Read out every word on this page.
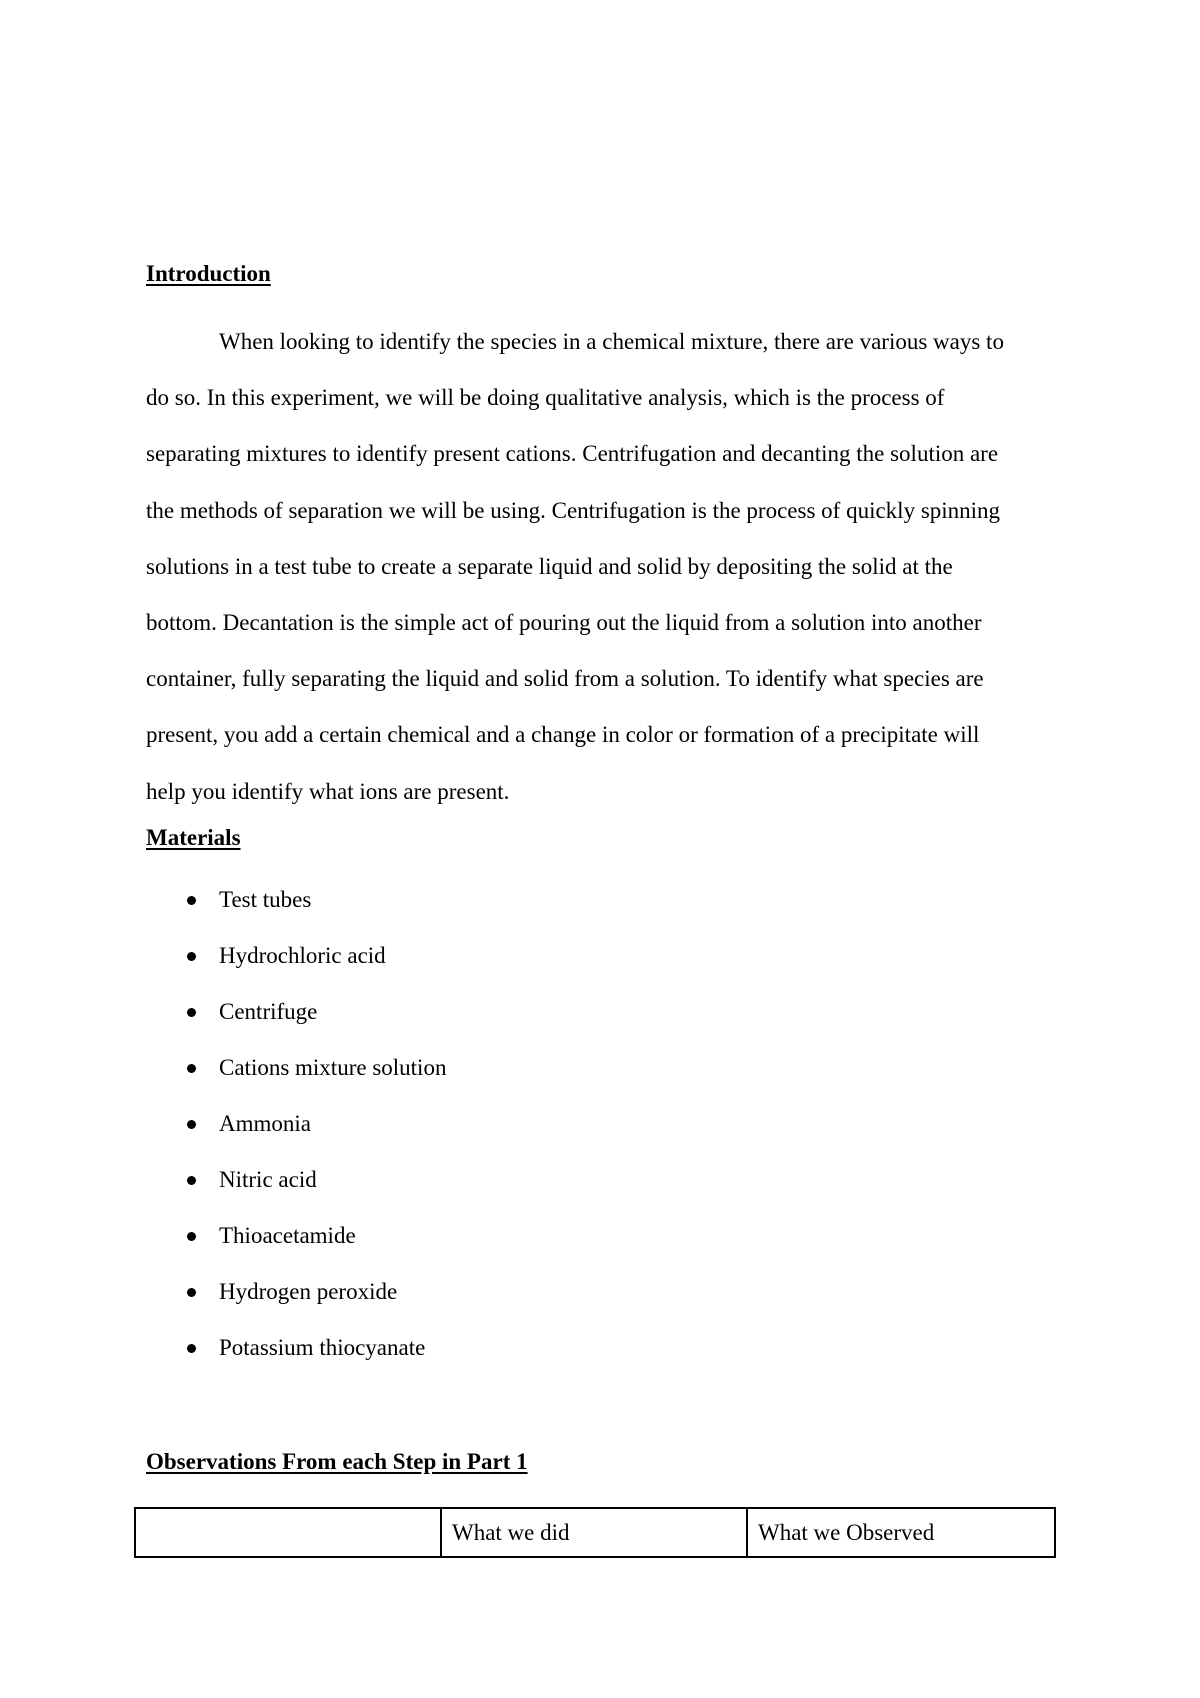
Introduction

When looking to identify the species in a chemical mixture, there are various ways to
do so. In this experiment, we will be doing qualitative analysis, which is the process of
separating mixtures to identify present cations. Centrifugation and decanting the solution are
the methods of separation we will be using. Centrifugation is the process of quickly spinning
solutions in a test tube to create a separate liquid and solid by depositing the solid at the
bottom. Decantation is the simple act of pouring out the liquid from a solution into another
container, fully separating the liquid and solid from a solution. To identify what species are
present, you add a certain chemical and a change in color or formation of a precipitate will
help you identify what ions are present.

Materials
Test tubes
Hydrochloric acid
Centrifuge
Cations mixture solution
Ammonia
Nitric acid
Thioacetamide
Hydrogen peroxide
Potassium thiocyanate
Observations From each Step in Part 1
	What we did	What we Observed
